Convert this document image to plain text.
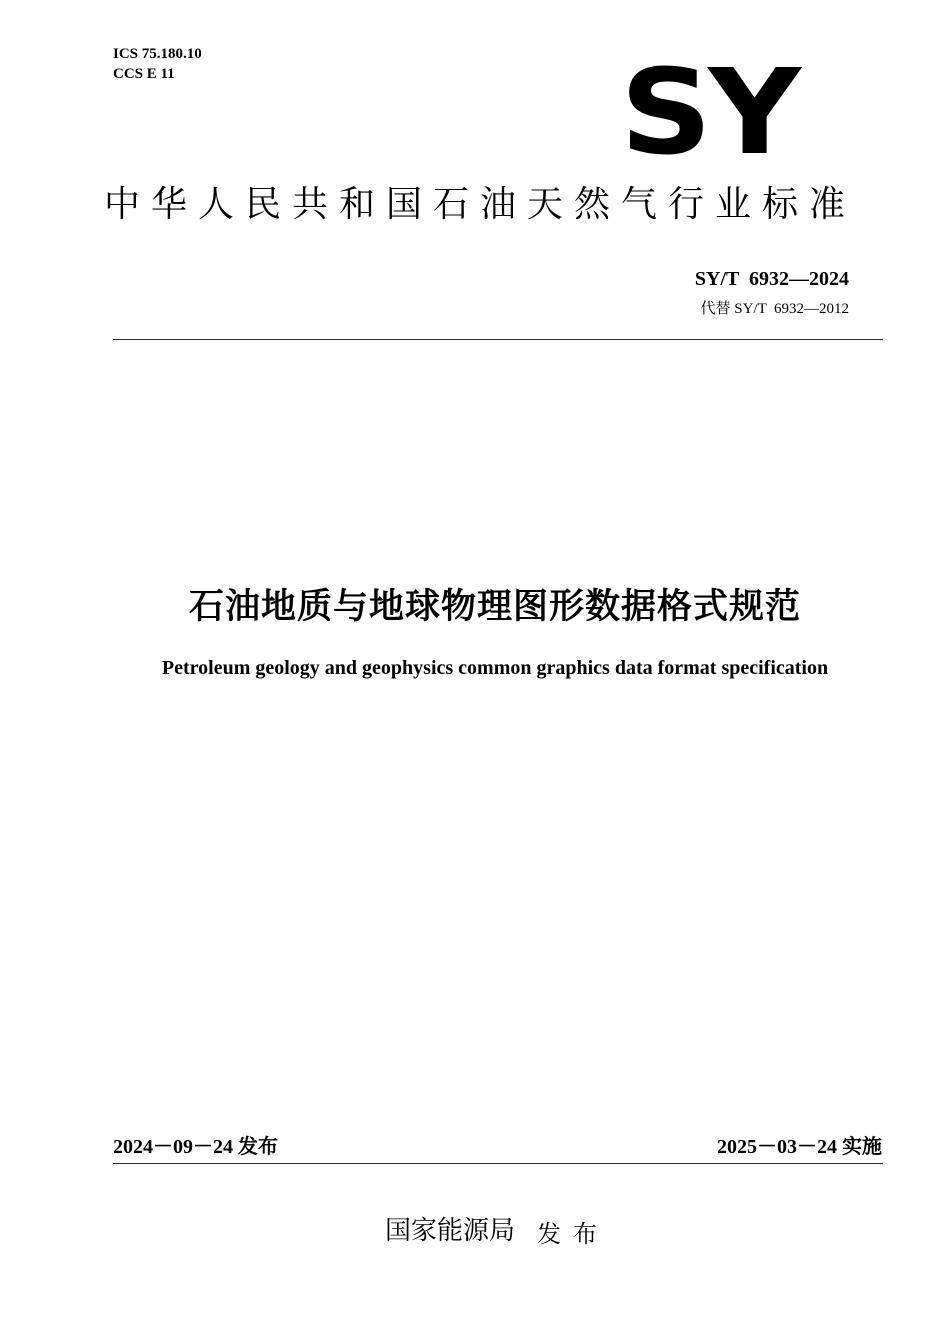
ICS 75.180.10
CCS E 11	SY
中华人民共和国石油天然气行业标准
SY/T  6932—2024
代替 SY/T  6932—2012
石油地质与地球物理图形数据格式规范
Petroleum geology and geophysics common graphics data format specification
2024－09－24 发布	2025－03－24 实施
国家能源局 发布
